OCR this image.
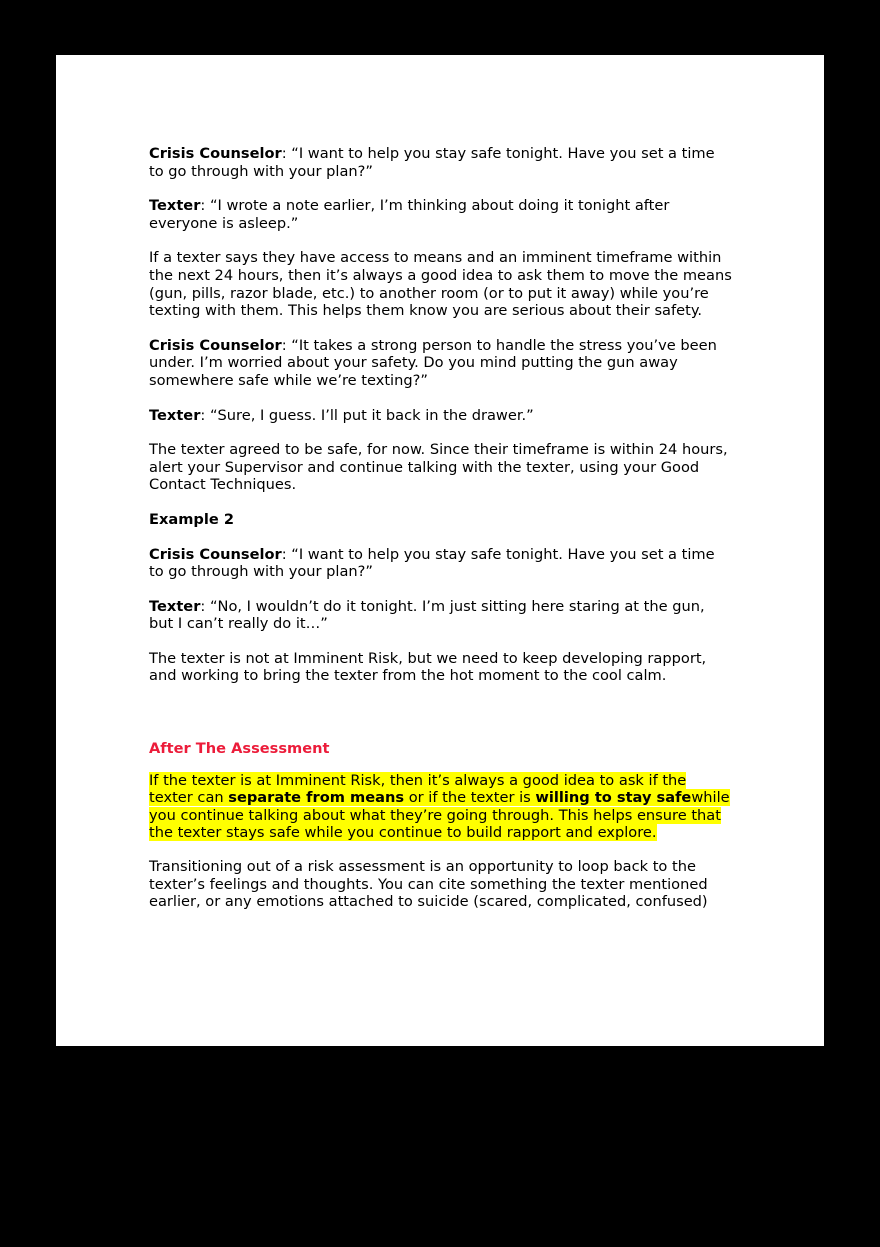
Crisis Counselor: “I want to help you stay safe tonight. Have you set a time to go through with your plan?”

Texter: “I wrote a note earlier, I’m thinking about doing it tonight after everyone is asleep.”

If a texter says they have access to means and an imminent timeframe within the next 24 hours, then it’s always a good idea to ask them to move the means (gun, pills, razor blade, etc.) to another room (or to put it away) while you’re texting with them. This helps them know you are serious about their safety.

Crisis Counselor: “It takes a strong person to handle the stress you’ve been under. I’m worried about your safety. Do you mind putting the gun away somewhere safe while we’re texting?”

Texter: “Sure, I guess. I’ll put it back in the drawer.”

The texter agreed to be safe, for now. Since their timeframe is within 24 hours, alert your Supervisor and continue talking with the texter, using your Good Contact Techniques.

Example 2

Crisis Counselor: “I want to help you stay safe tonight. Have you set a time to go through with your plan?”

Texter: “No, I wouldn’t do it tonight. I’m just sitting here staring at the gun, but I can’t really do it…”

The texter is not at Imminent Risk, but we need to keep developing rapport, and working to bring the texter from the hot moment to the cool calm.

After The Assessment

If the texter is at Imminent Risk, then it’s always a good idea to ask if the texter can separate from means or if the texter is willing to stay safewhile you continue talking about what they’re going through. This helps ensure that the texter stays safe while you continue to build rapport and explore.

Transitioning out of a risk assessment is an opportunity to loop back to the texter’s feelings and thoughts. You can cite something the texter mentioned earlier, or any emotions attached to suicide (scared, complicated, confused)
